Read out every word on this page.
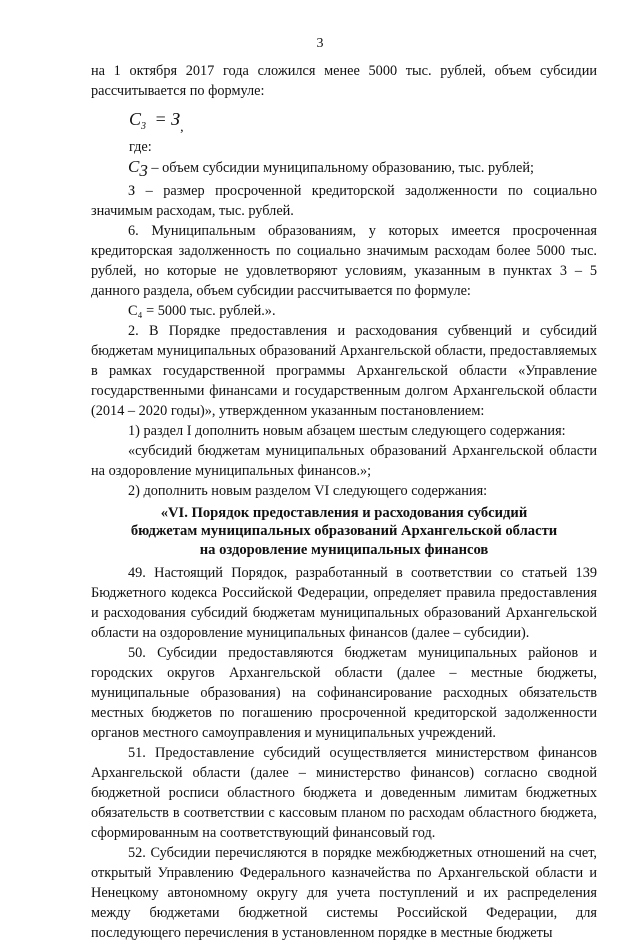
3

на 1 октября 2017 года сложился менее 5000 тыс. рублей, объем субсидии рассчитывается по формуле:

$C_3 = З_,$

где:

$C_3$ – объем субсидии муниципальному образованию, тыс. рублей;

З – размер просроченной кредиторской задолженности по социально значимым расходам, тыс. рублей.

6. Муниципальным образованиям, у которых имеется просроченная кредиторская задолженность по социально значимым расходам более 5000 тыс. рублей, но которые не удовлетворяют условиям, указанным в пунктах 3 – 5 данного раздела, объем субсидии рассчитывается по формуле:

C₄ = 5000 тыс. рублей.».

2. В Порядке предоставления и расходования субвенций и субсидий бюджетам муниципальных образований Архангельской области, предоставляемых в рамках государственной программы Архангельской области «Управление государственными финансами и государственным долгом Архангельской области (2014 – 2020 годы)», утвержденном указанным постановлением:

1) раздел I дополнить новым абзацем шестым следующего содержания:

«субсидий бюджетам муниципальных образований Архангельской области на оздоровление муниципальных финансов.»;

2) дополнить новым разделом VI следующего содержания:

«VI. Порядок предоставления и расходования субсидий
бюджетам муниципальных образований Архангельской области
на оздоровление муниципальных финансов

49. Настоящий Порядок, разработанный в соответствии со статьей 139 Бюджетного кодекса Российской Федерации, определяет правила предоставления и расходования субсидий бюджетам муниципальных образований Архангельской области на оздоровление муниципальных финансов (далее – субсидии).

50. Субсидии предоставляются бюджетам муниципальных районов и городских округов Архангельской области (далее – местные бюджеты, муниципальные образования) на софинансирование расходных обязательств местных бюджетов по погашению просроченной кредиторской задолженности органов местного самоуправления и муниципальных учреждений.

51. Предоставление субсидий осуществляется министерством финансов Архангельской области (далее – министерство финансов) согласно сводной бюджетной росписи областного бюджета и доведенным лимитам бюджетных обязательств в соответствии с кассовым планом по расходам областного бюджета, сформированным на соответствующий финансовый год.

52. Субсидии перечисляются в порядке межбюджетных отношений на счет, открытый Управлению Федерального казначейства по Архангельской области и Ненецкому автономному округу для учета поступлений и их распределения между бюджетами бюджетной системы Российской Федерации, для последующего перечисления в установленном порядке в местные бюджеты
